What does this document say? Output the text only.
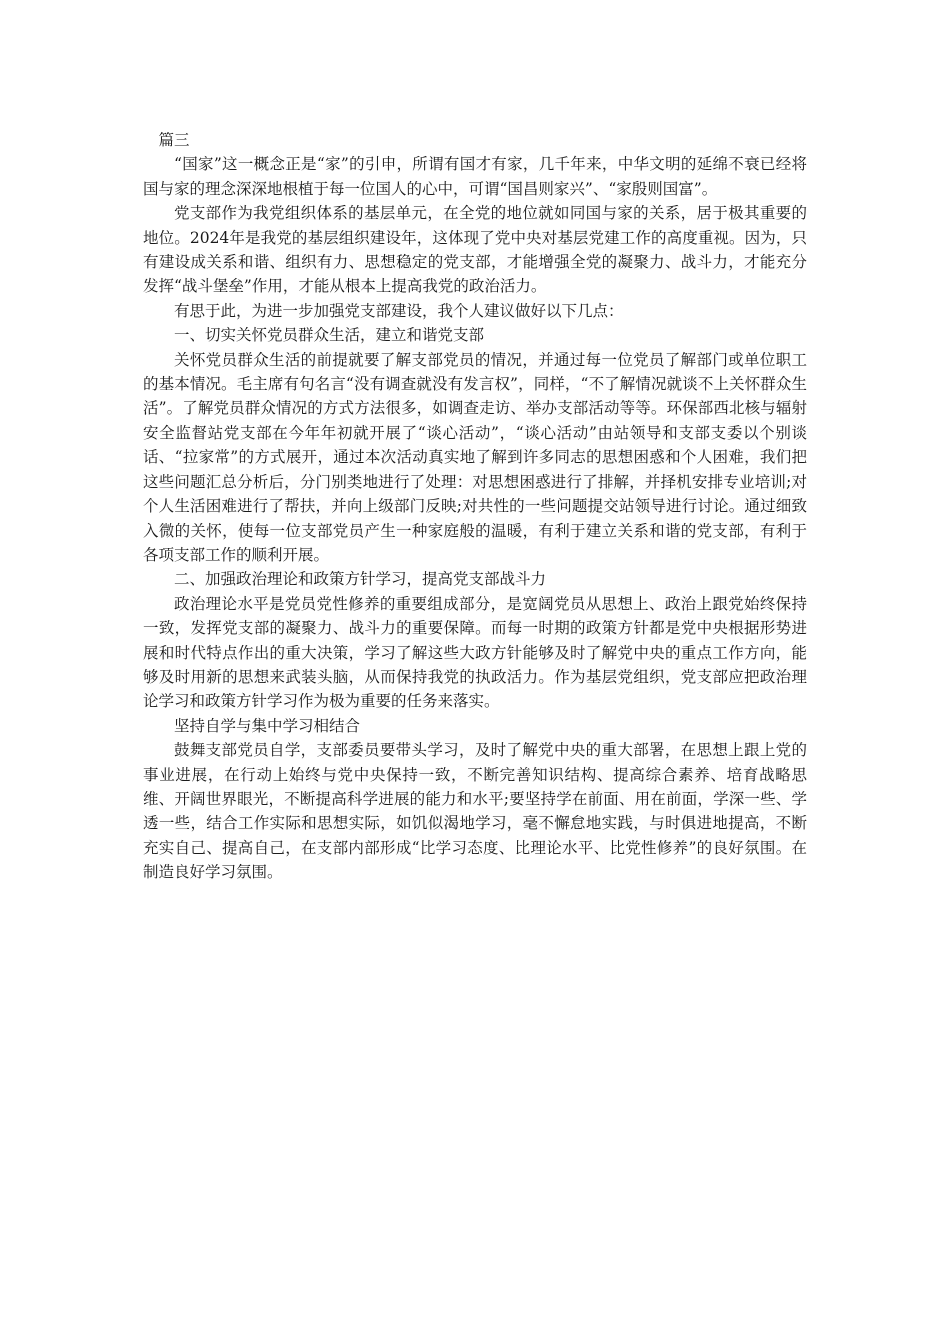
篇三

“国家”这一概念正是“家”的引申，所谓有国才有家，几千年来，中华文明的延绵不衰已经将国与家的理念深深地根植于每一位国人的心中，可谓“国昌则家兴”、“家殷则国富”。

党支部作为我党组织体系的基层单元，在全党的地位就如同国与家的关系，居于极其重要的地位。2024年是我党的基层组织建设年，这体现了党中央对基层党建工作的高度重视。因为，只有建设成关系和谐、组织有力、思想稳定的党支部，才能增强全党的凝聚力、战斗力，才能充分发挥“战斗堡垒”作用，才能从根本上提高我党的政治活力。

有思于此，为进一步加强党支部建设，我个人建议做好以下几点：

一、切实关怀党员群众生活，建立和谐党支部

关怀党员群众生活的前提就要了解支部党员的情况，并通过每一位党员了解部门或单位职工的基本情况。毛主席有句名言“没有调查就没有发言权”，同样，“不了解情况就谈不上关怀群众生活”。了解党员群众情况的方式方法很多，如调查走访、举办支部活动等等。环保部西北核与辐射安全监督站党支部在今年年初就开展了“谈心活动”，“谈心活动”由站领导和支部支委以个别谈话、“拉家常”的方式展开，通过本次活动真实地了解到许多同志的思想困惑和个人困难，我们把这些问题汇总分析后，分门别类地进行了处理：对思想困惑进行了排解，并择机安排专业培训;对个人生活困难进行了帮扶，并向上级部门反映;对共性的一些问题提交站领导进行讨论。通过细致入微的关怀，使每一位支部党员产生一种家庭般的温暖，有利于建立关系和谐的党支部，有利于各项支部工作的顺利开展。

二、加强政治理论和政策方针学习，提高党支部战斗力

政治理论水平是党员党性修养的重要组成部分，是宽阔党员从思想上、政治上跟党始终保持一致，发挥党支部的凝聚力、战斗力的重要保障。而每一时期的政策方针都是党中央根据形势进展和时代特点作出的重大决策，学习了解这些大政方针能够及时了解党中央的重点工作方向，能够及时用新的思想来武装头脑，从而保持我党的执政活力。作为基层党组织，党支部应把政治理论学习和政策方针学习作为极为重要的任务来落实。

坚持自学与集中学习相结合

鼓舞支部党员自学，支部委员要带头学习，及时了解党中央的重大部署，在思想上跟上党的事业进展，在行动上始终与党中央保持一致，不断完善知识结构、提高综合素养、培育战略思维、开阔世界眼光，不断提高科学进展的能力和水平;要坚持学在前面、用在前面，学深一些、学透一些，结合工作实际和思想实际，如饥似渴地学习，毫不懈怠地实践，与时俱进地提高，不断充实自己、提高自己，在支部内部形成“比学习态度、比理论水平、比党性修养”的良好氛围。在制造良好学习氛围。
